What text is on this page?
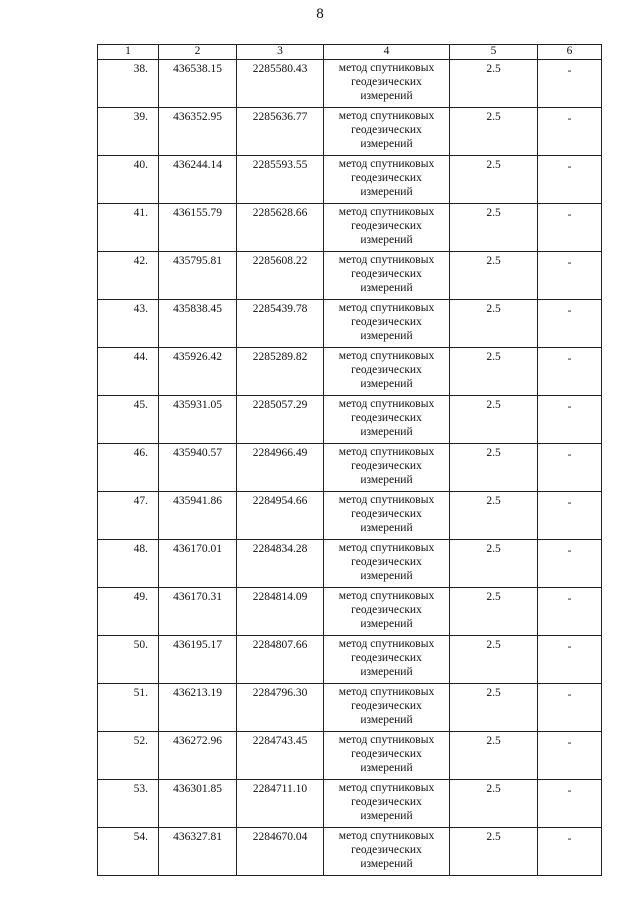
8
1	2	3	4	5	6
38.	436538.15	2285580.43	метод спутниковых
геодезических
измерений	2.5	-
39.	436352.95	2285636.77	метод спутниковых
геодезических
измерений	2.5	-
40.	436244.14	2285593.55	метод спутниковых
геодезических
измерений	2.5	-
41.	436155.79	2285628.66	метод спутниковых
геодезических
измерений	2.5	-
42.	435795.81	2285608.22	метод спутниковых
геодезических
измерений	2.5	-
43.	435838.45	2285439.78	метод спутниковых
геодезических
измерений	2.5	-
44.	435926.42	2285289.82	метод спутниковых
геодезических
измерений	2.5	-
45.	435931.05	2285057.29	метод спутниковых
геодезических
измерений	2.5	-
46.	435940.57	2284966.49	метод спутниковых
геодезических
измерений	2.5	-
47.	435941.86	2284954.66	метод спутниковых
геодезических
измерений	2.5	-
48.	436170.01	2284834.28	метод спутниковых
геодезических
измерений	2.5	-
49.	436170.31	2284814.09	метод спутниковых
геодезических
измерений	2.5	-
50.	436195.17	2284807.66	метод спутниковых
геодезических
измерений	2.5	-
51.	436213.19	2284796.30	метод спутниковых
геодезических
измерений	2.5	-
52.	436272.96	2284743.45	метод спутниковых
геодезических
измерений	2.5	-
53.	436301.85	2284711.10	метод спутниковых
геодезических
измерений	2.5	-
54.	436327.81	2284670.04	метод спутниковых
геодезических
измерений	2.5	-
